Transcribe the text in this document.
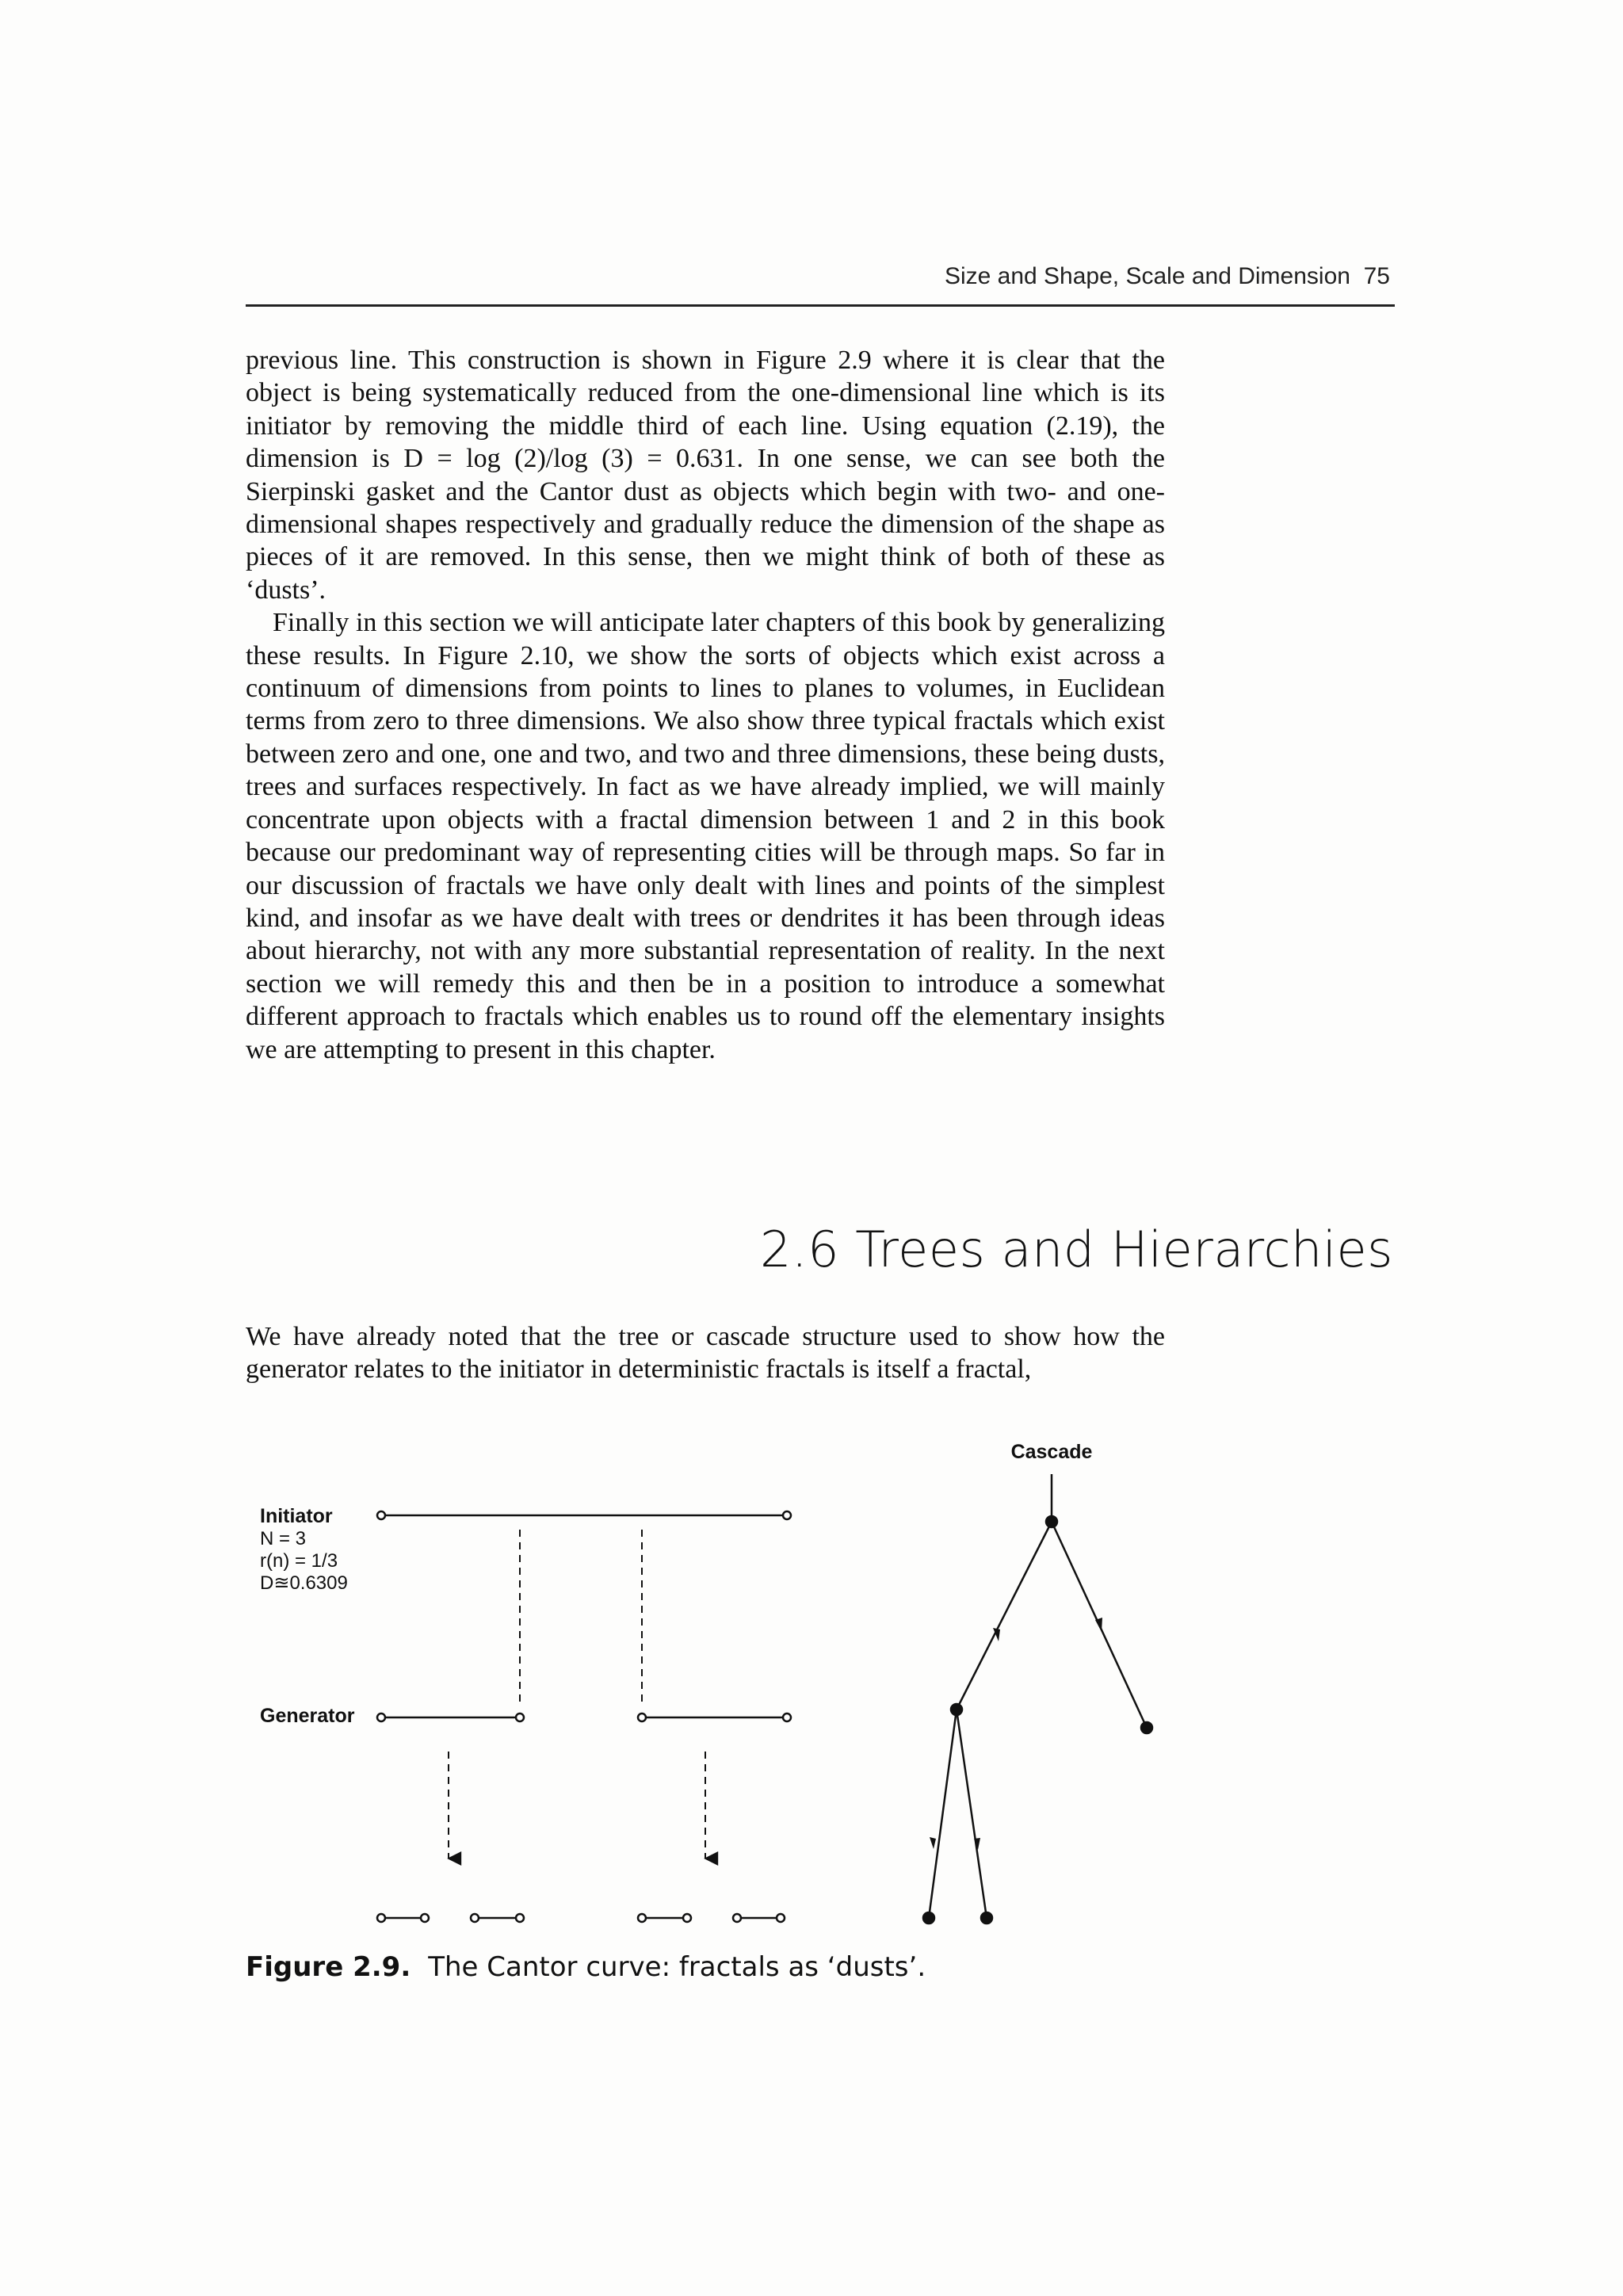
Size and Shape, Scale and Dimension 75

previous line. This construction is shown in Figure 2.9 where it is clear that the object is being systematically reduced from the one-dimensional line which is its initiator by removing the middle third of each line. Using equation (2.19), the dimension is D = log (2)/log (3) = 0.631. In one sense, we can see both the Sierpinski gasket and the Cantor dust as objects which begin with two- and one-dimensional shapes respectively and gradually reduce the dimension of the shape as pieces of it are removed. In this sense, then we might think of both of these as ‘dusts’.

Finally in this section we will anticipate later chapters of this book by generalizing these results. In Figure 2.10, we show the sorts of objects which exist across a continuum of dimensions from points to lines to planes to volumes, in Euclidean terms from zero to three dimensions. We also show three typical fractals which exist between zero and one, one and two, and two and three dimensions, these being dusts, trees and surfaces respectively. In fact as we have already implied, we will mainly concentrate upon objects with a fractal dimension between 1 and 2 in this book because our predominant way of representing cities will be through maps. So far in our discussion of fractals we have only dealt with lines and points of the simplest kind, and insofar as we have dealt with trees or dendrites it has been through ideas about hierarchy, not with any more substantial representation of reality. In the next section we will remedy this and then be in a position to introduce a somewhat different approach to fractals which enables us to round off the elementary insights we are attempting to present in this chapter.

2.6 Trees and Hierarchies

We have already noted that the tree or cascade structure used to show how the generator relates to the initiator in deterministic fractals is itself a fractal,

Initiator
N = 3
r(n) = 1/3
D≊0.6309
Generator
Cascade
Figure 2.9. The Cantor curve: fractals as ‘dusts’.
